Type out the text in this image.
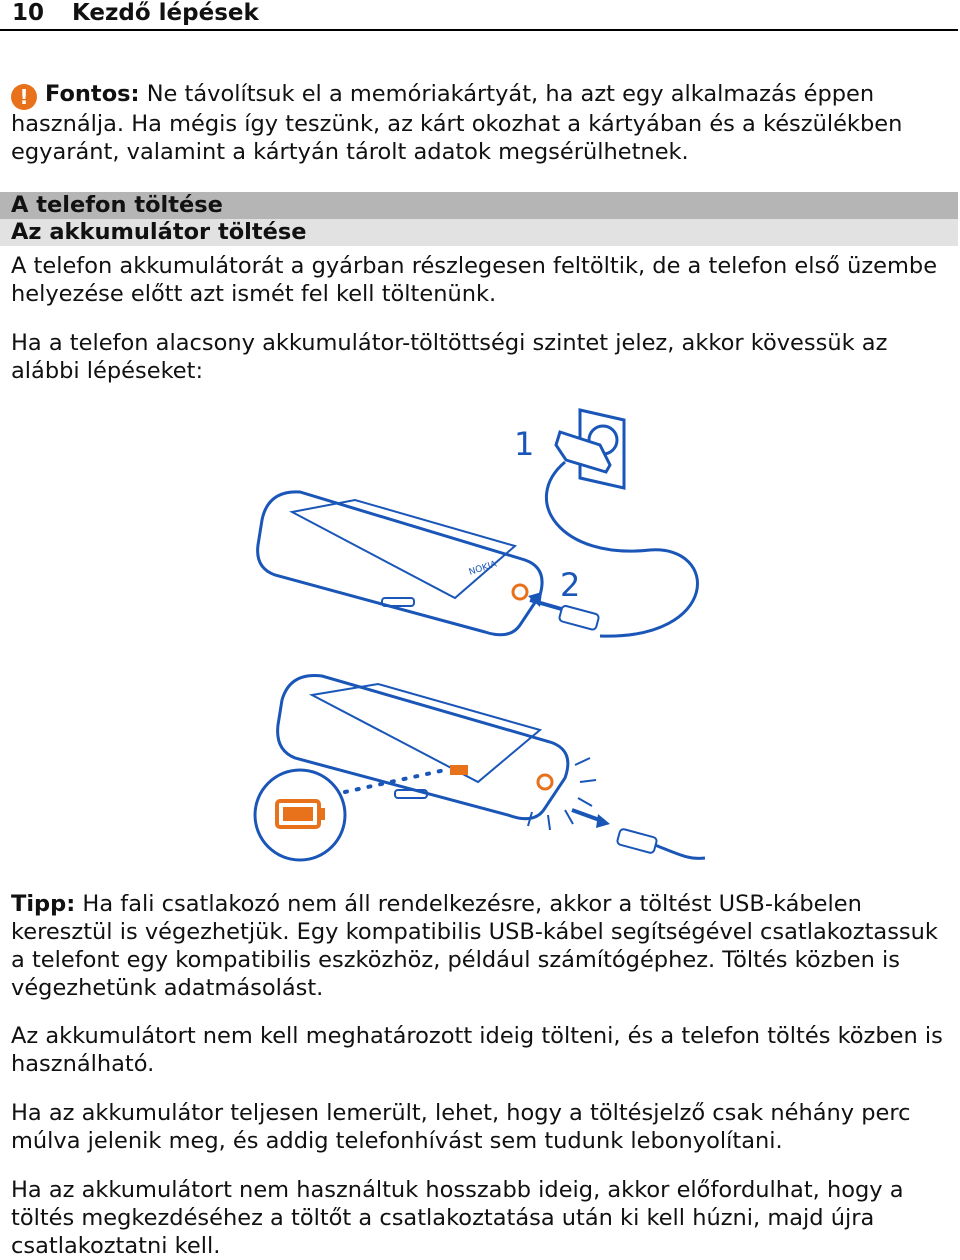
10 Kezdő lépések

! Fontos: Ne távolítsuk el a memóriakártyát, ha azt egy alkalmazás éppen használja. Ha mégis így teszünk, az kárt okozhat a kártyában és a készülékben egyaránt, valamint a kártyán tárolt adatok megsérülhetnek.

A telefon töltése
Az akkumulátor töltése

A telefon akkumulátorát a gyárban részlegesen feltöltik, de a telefon első üzembe helyezése előtt azt ismét fel kell töltenünk.

Ha a telefon alacsony akkumulátor-töltöttségi szintet jelez, akkor kövessük az alábbi lépéseket:

1
2
NOKIA

Tipp: Ha fali csatlakozó nem áll rendelkezésre, akkor a töltést USB-kábelen keresztül is végezhetjük. Egy kompatibilis USB-kábel segítségével csatlakoztassuk a telefont egy kompatibilis eszközhöz, például számítógéphez. Töltés közben is végezhetünk adatmásolást.

Az akkumulátort nem kell meghatározott ideig tölteni, és a telefon töltés közben is használható.

Ha az akkumulátor teljesen lemerült, lehet, hogy a töltésjelző csak néhány perc múlva jelenik meg, és addig telefonhívást sem tudunk lebonyolítani.

Ha az akkumulátort nem használtuk hosszabb ideig, akkor előfordulhat, hogy a töltés megkezdéséhez a töltőt a csatlakoztatása után ki kell húzni, majd újra csatlakoztatni kell.
